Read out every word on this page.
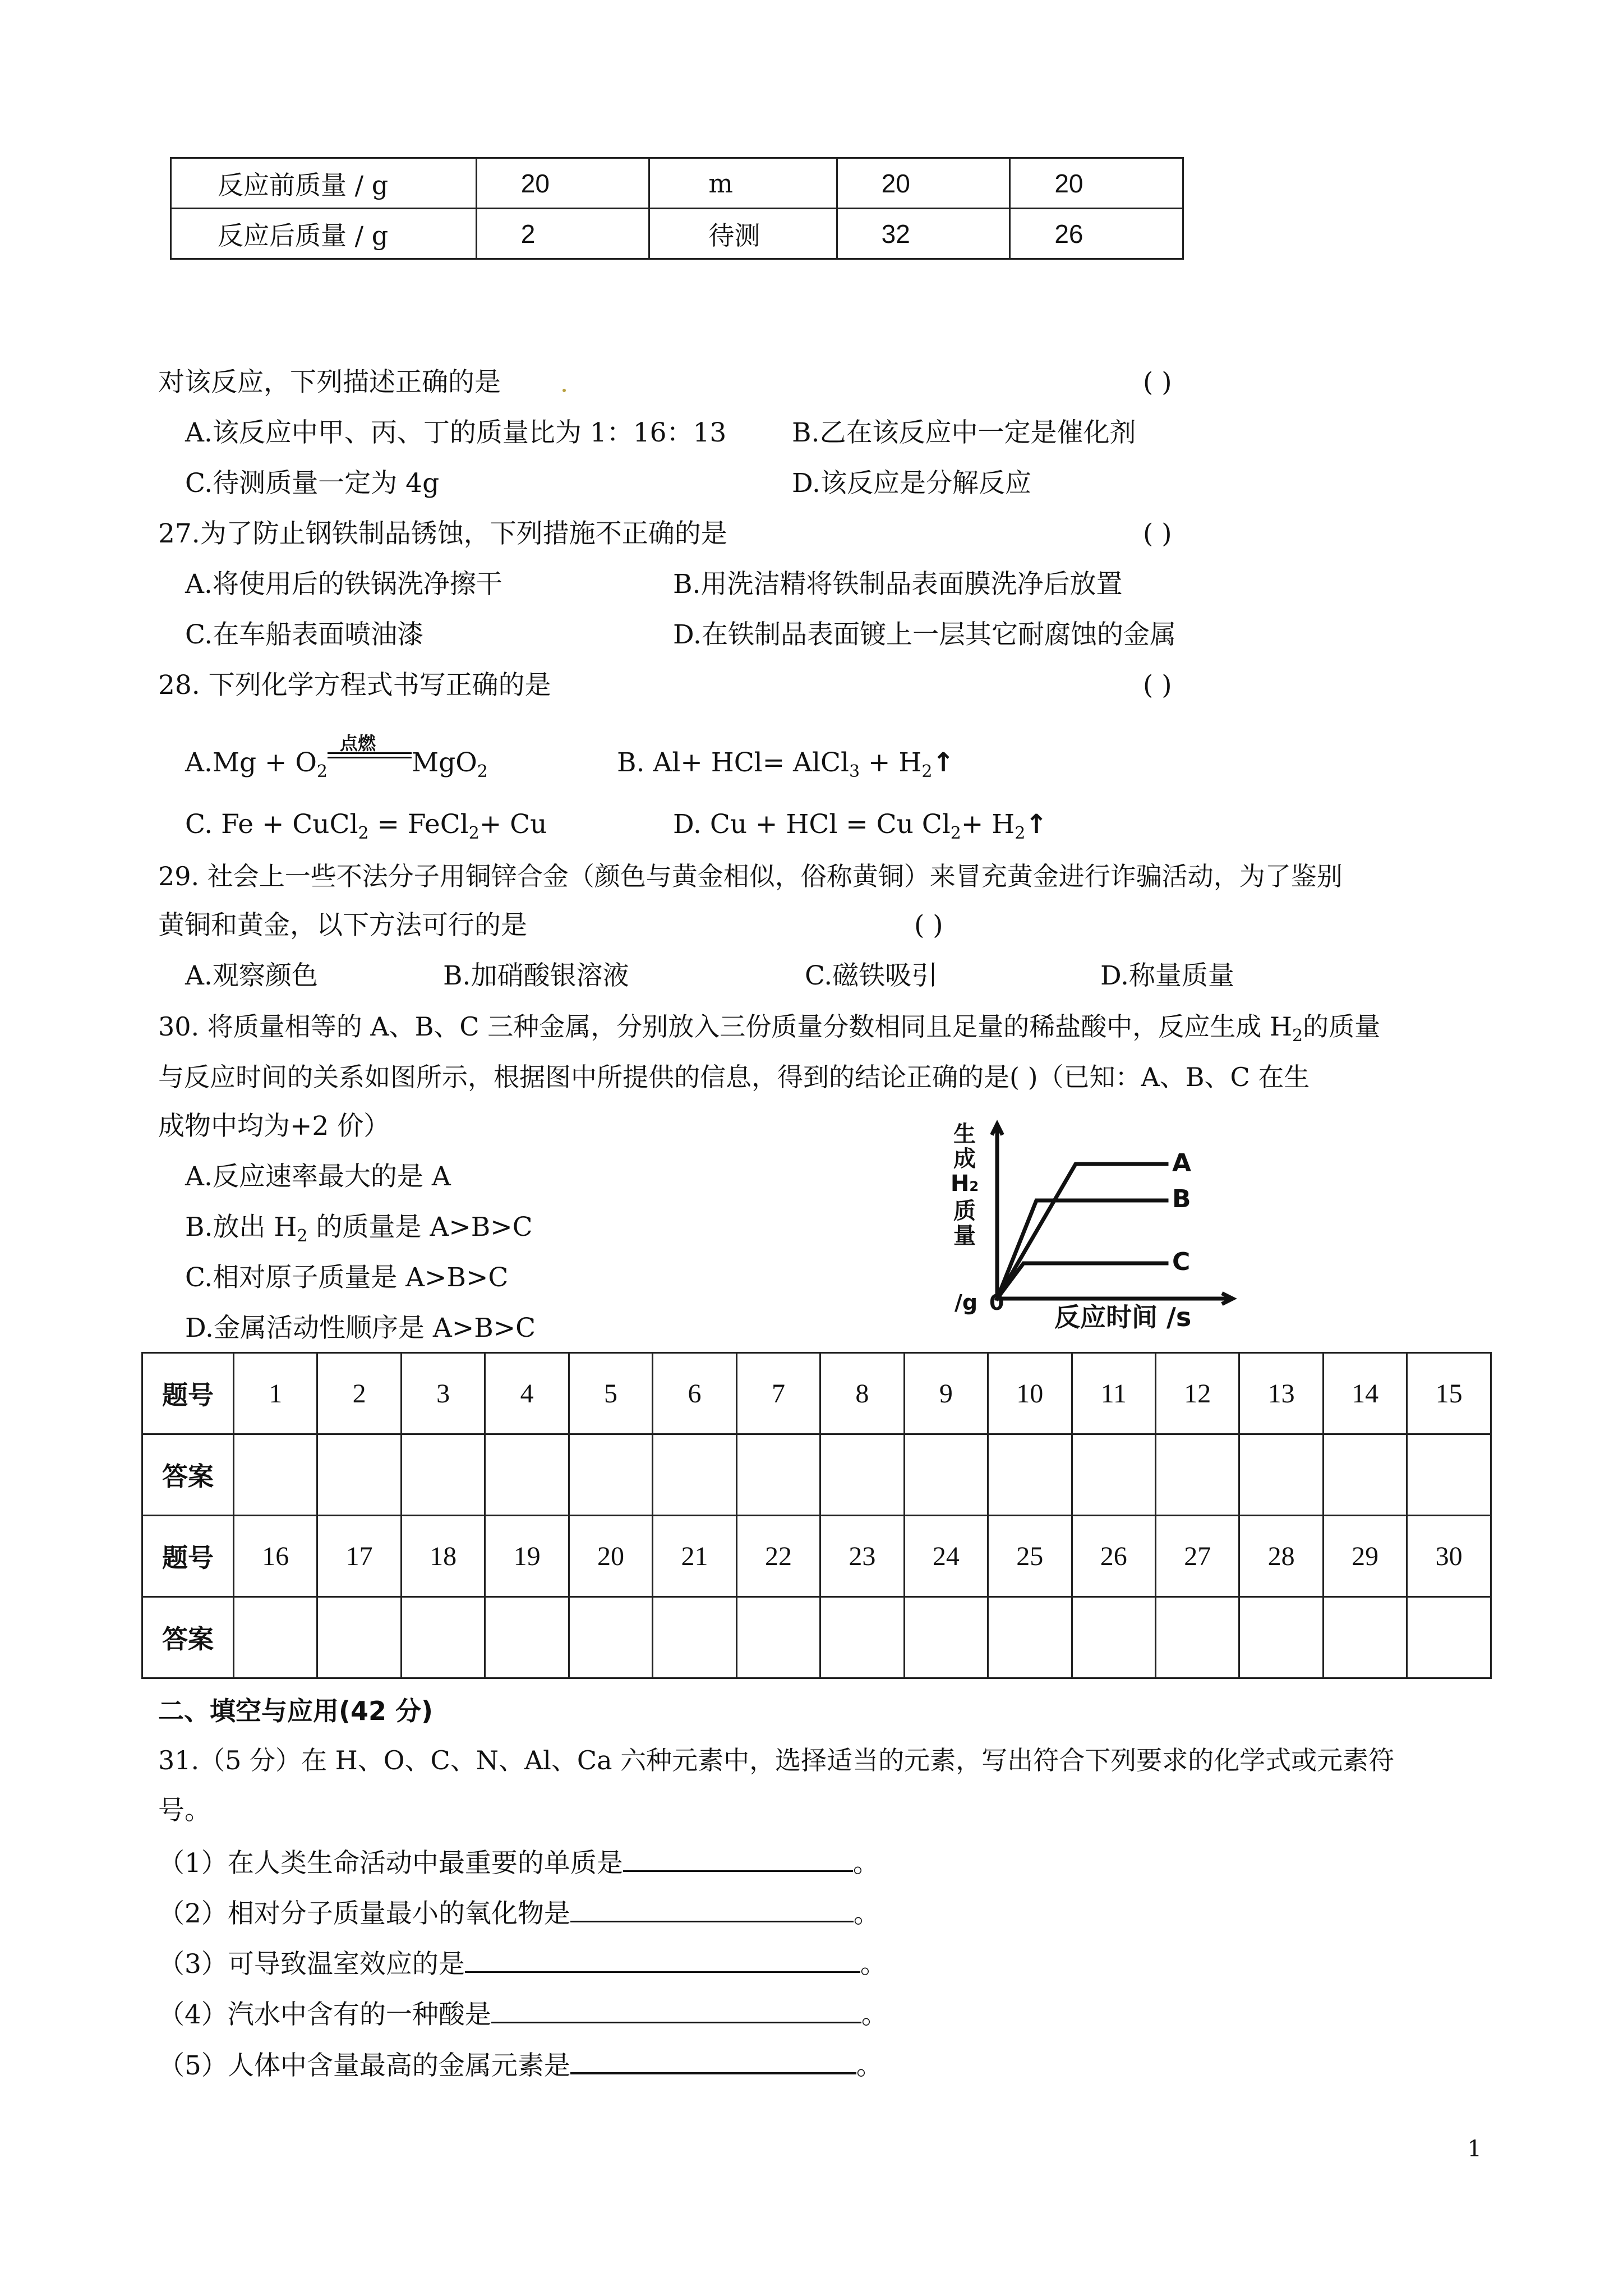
反应前质量 / g	20	m	20	20
反应后质量 / g	2	待测	32	26
对该反应，下列描述正确的是	( )
A.该反应中甲、丙、丁的质量比为 1：16：13 B.乙在该反应中一定是催化剂
C.待测质量一定为 4g	D.该反应是分解反应
27.为了防止钢铁制品锈蚀，下列措施不正确的是	( )
A.将使用后的铁锅洗净擦干	B.用洗洁精将铁制品表面膜洗净后放置
C.在车船表面喷油漆	D.在铁制品表面镀上一层其它耐腐蚀的金属
28. 下列化学方程式书写正确的是	( )
$A.Mg + O_2$
点燃
MgO$_2$	B. Al+ HCl= AlCl$_3$ + $H_2↑$
C. Fe + CuCl$_2$ = FeCl$_2$+ Cu	D. Cu + HCl = Cu $Cl_2+$ $H_2↑$
29. 社会上一些不法分子用铜锌合金（颜色与黄金相似，俗称黄铜）来冒充黄金进行诈骗活动，为了鉴别
黄铜和黄金，以下方法可行的是	( )
A.观察颜色	B.加硝酸银溶液	C.磁铁吸引	D.称量质量
30. 将质量相等的 A、B、C 三种金属，分别放入三份质量分数相同且足量的稀盐酸中，反应生成 $H_2$的质量
与反应时间的关系如图所示，根据图中所提供的信息，得到的结论正确的是( )（已知：A、B、C 在生
成物中均为+2 价）
A.反应速率最大的是 A
B.放出 $H_2$ 的质量是 A>B>C
C.相对原子质量是 A>B>C
D.金属活动性顺序是 A>B>C
生
成
H2
质
量
/g 0 反应时间 /s
A
B
C
题号	1	2	3	4	5	6	7	8	9	10	11	12	13	14	15
答案															
题号	16	17	18	19	20	21	22	23	24	25	26	27	28	29	30
答案															
二、填空与应用(42 分)
31.（5 分）在 H、O、C、N、Al、Ca 六种元素中，选择适当的元素，写出符合下列要求的化学式或元素符
号。
（1）在人类生命活动中最重要的单质是	。
（2）相对分子质量最小的氧化物是	。
（3）可导致温室效应的是	。
（4）汽水中含有的一种酸是	。
（5）人体中含量最高的金属元素是	。
1
